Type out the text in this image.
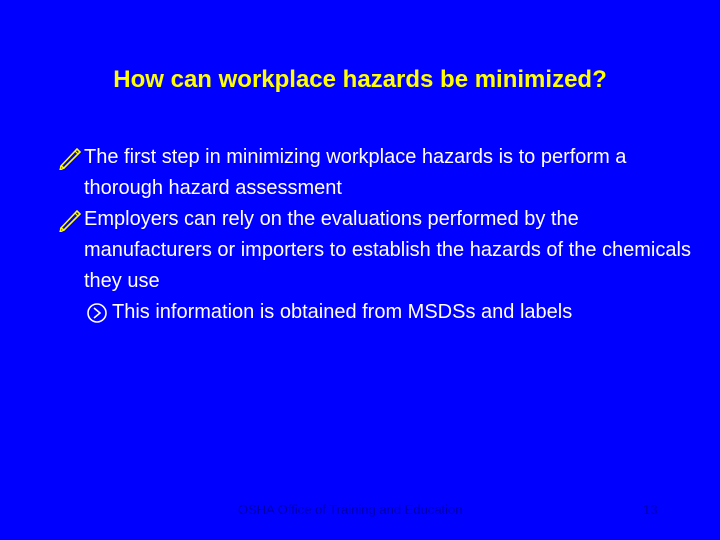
How can workplace hazards be minimized?
The first step in minimizing workplace hazards is to perform a thorough hazard assessment
Employers can rely on the evaluations performed by the manufacturers or importers to establish the hazards of the chemicals they use
This information is obtained from MSDSs and labels
OSHA Office of Training and Education	13
